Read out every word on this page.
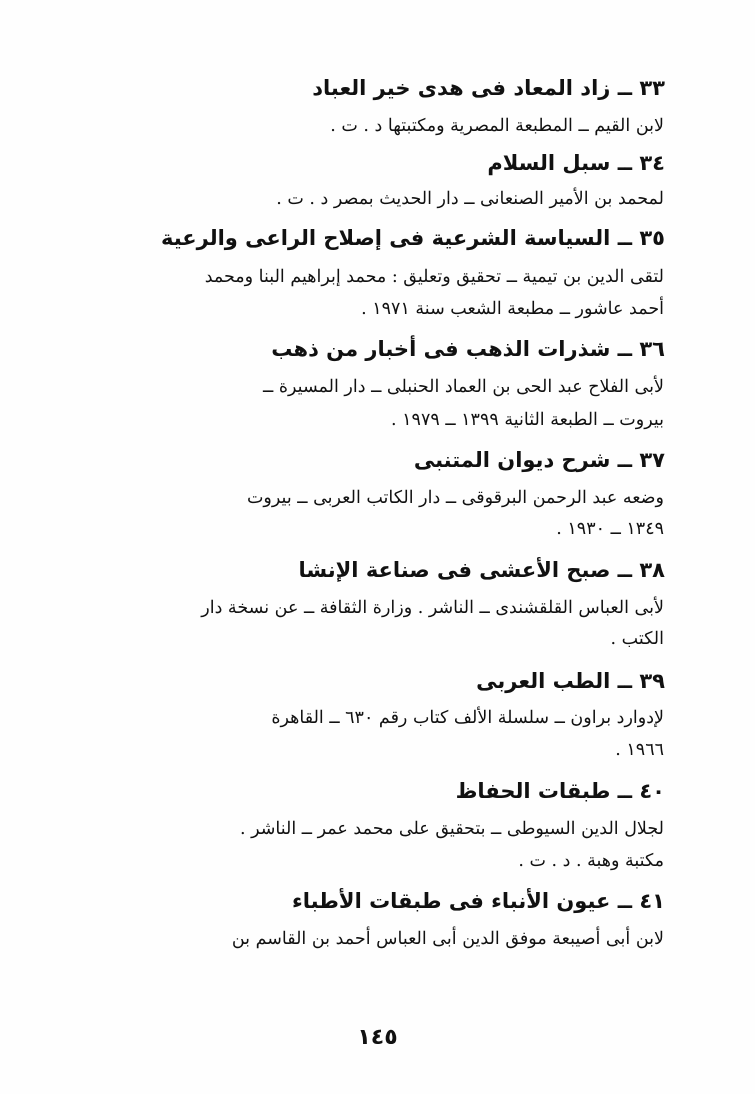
٣٣ ــ زاد المعاد فى هدى خير العباد
لابن القيم ــ المطبعة المصرية ومكتبتها د . ت .
٣٤ ــ سبل السلام
لمحمد بن الأمير الصنعانى ــ دار الحديث بمصر د . ت .
٣٥ ــ السياسة الشرعية فى إصلاح الراعى والرعية
لتقى الدين بن تيمية ــ تحقيق وتعليق : محمد إبراهيم البنا ومحمد
أحمد عاشور ــ مطبعة الشعب سنة ١٩٧١ .
٣٦ ــ شذرات الذهب فى أخبار من ذهب
لأبى الفلاح عبد الحى بن العماد الحنبلى ــ دار المسيرة ــ
بيروت ــ الطبعة الثانية ١٣٩٩ ــ ١٩٧٩ .
٣٧ ــ شرح ديوان المتنبى
وضعه عبد الرحمن البرقوقى ــ دار الكاتب العربى ــ بيروت
١٣٤٩ ــ ١٩٣٠ .
٣٨ ــ صبح الأعشى فى صناعة الإنشا
لأبى العباس القلقشندى ــ الناشر . وزارة الثقافة ــ عن نسخة دار
الكتب .
٣٩ ــ الطب العربى
لإدوارد براون ــ سلسلة الألف كتاب رقم ٦٣٠ ــ القاهرة
١٩٦٦ .
٤٠ ــ طبقات الحفاظ
لجلال الدين السيوطى ــ بتحقيق على محمد عمر ــ الناشر .
مكتبة وهبة . د . ت .
٤١ ــ عيون الأنباء فى طبقات الأطباء
لابن أبى أصيبعة موفق الدين أبى العباس أحمد بن القاسم بن
١٤٥
